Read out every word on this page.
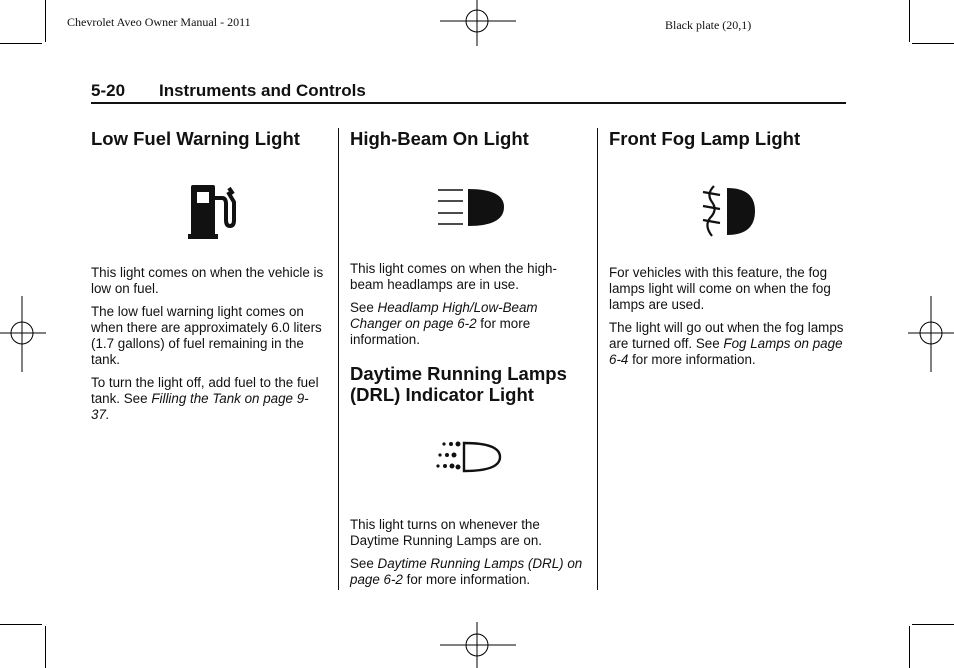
Chevrolet Aveo Owner Manual - 2011	Black plate (20,1)
5-20 Instruments and Controls
Low Fuel Warning Light

This light comes on when the vehicle is low on fuel.

The low fuel warning light comes on when there are approximately 6.0 liters (1.7 gallons) of fuel remaining in the tank.

To turn the light off, add fuel to the fuel tank. See Filling the Tank on page 9-37.

High-Beam On Light

This light comes on when the high-beam headlamps are in use.

See Headlamp High/Low-Beam Changer on page 6-2 for more information.

Daytime Running Lamps (DRL) Indicator Light

This light turns on whenever the Daytime Running Lamps are on.

See Daytime Running Lamps (DRL) on page 6-2 for more information.

Front Fog Lamp Light

For vehicles with this feature, the fog lamps light will come on when the fog lamps are used.

The light will go out when the fog lamps are turned off. See Fog Lamps on page 6-4 for more information.
